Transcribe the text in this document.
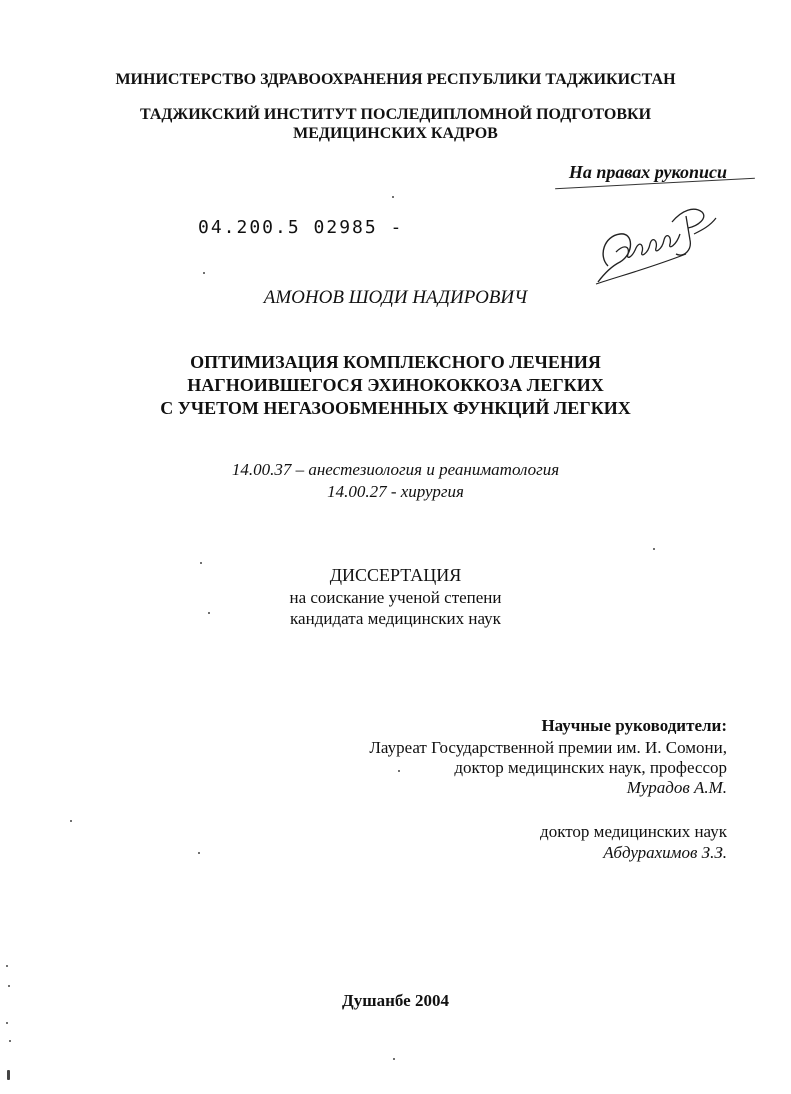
МИНИСТЕРСТВО ЗДРАВООХРАНЕНИЯ РЕСПУБЛИКИ ТАДЖИКИСТАН
ТАДЖИКСКИЙ ИНСТИТУТ ПОСЛЕДИПЛОМНОЙ ПОДГОТОВКИ
МЕДИЦИНСКИХ КАДРОВ
На правах рукописи
04.200.5 02985 -
АМОНОВ ШОДИ НАДИРОВИЧ
ОПТИМИЗАЦИЯ КОМПЛЕКСНОГО ЛЕЧЕНИЯ
НАГНОИВШЕГОСЯ ЭХИНОКОККОЗА ЛЕГКИХ
С УЧЕТОМ НЕГАЗООБМЕННЫХ ФУНКЦИЙ ЛЕГКИХ
14.00.37 – анестезиология и реаниматология
14.00.27 - хирургия
ДИССЕРТАЦИЯ
на соискание ученой степени
кандидата медицинских наук
Научные руководители:
Лауреат Государственной премии им. И. Сомони,
доктор медицинских наук, профессор
Мурадов А.М.
доктор медицинских наук
Абдурахимов З.З.
Душанбе 2004
